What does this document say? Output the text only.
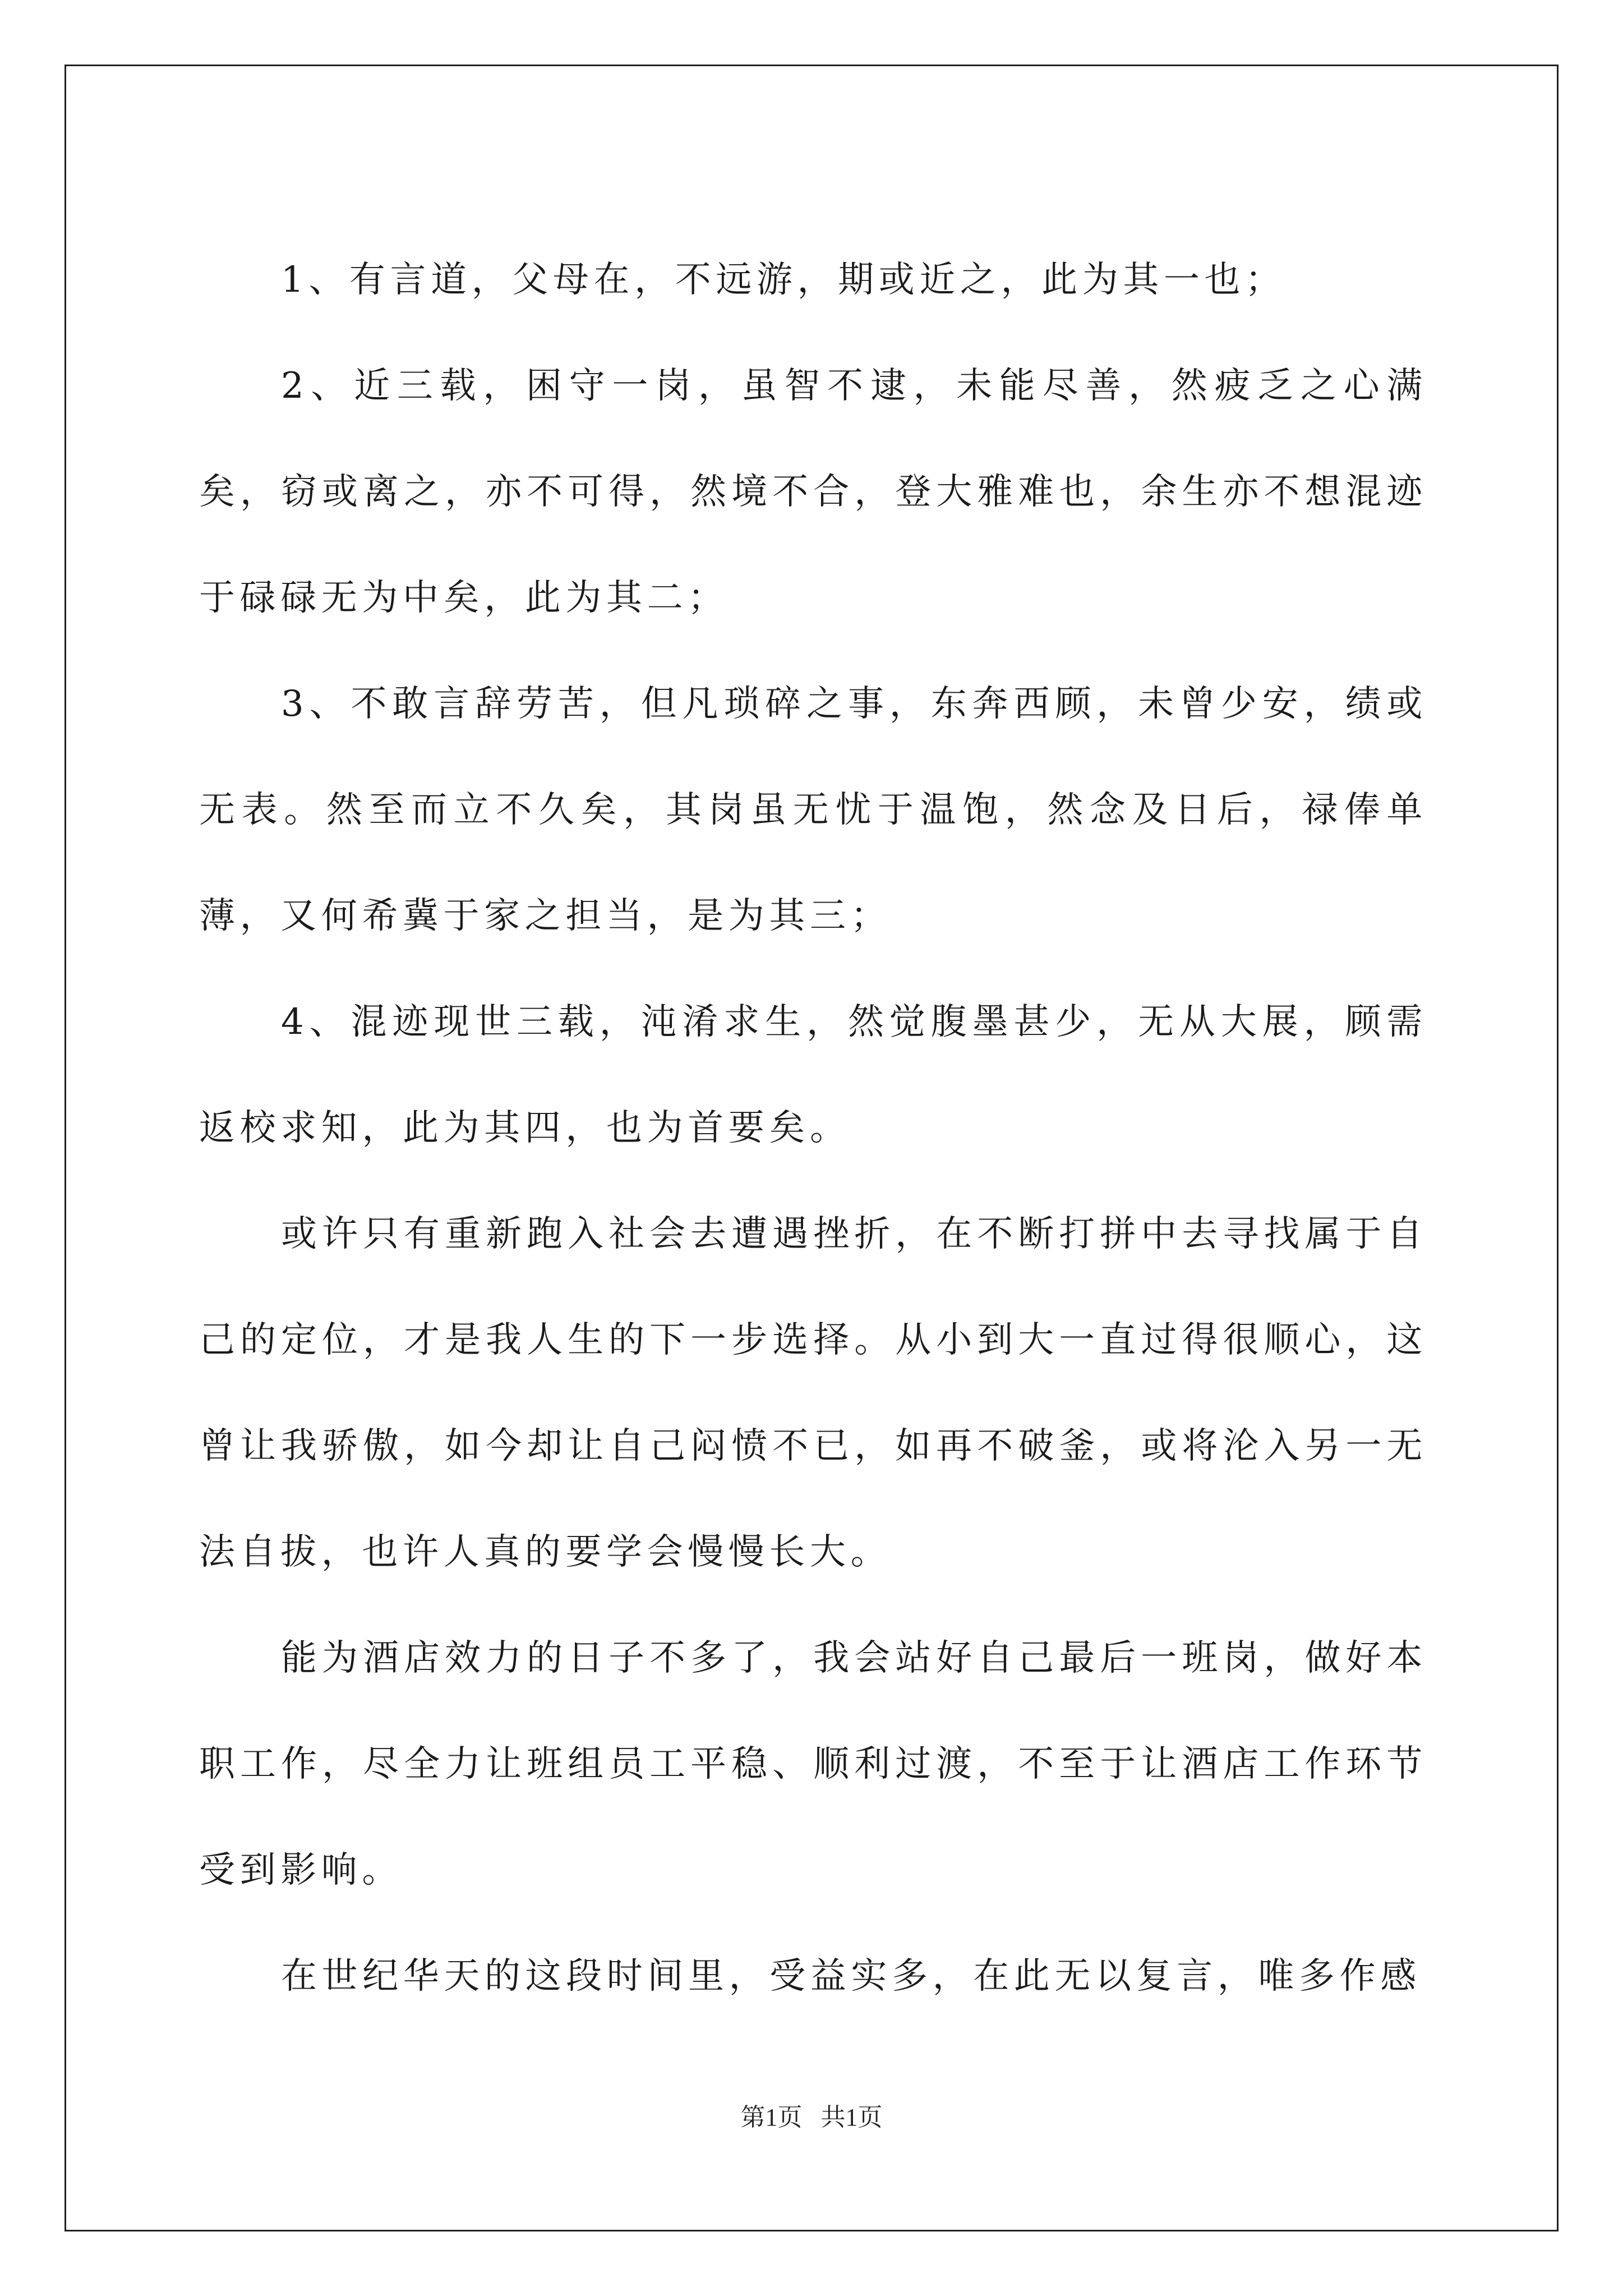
1、有言道，父母在，不远游，期或近之，此为其一也；

2、近三载，困守一岗，虽智不逮，未能尽善，然疲乏之心满矣，窃或离之，亦不可得，然境不合，登大雅难也，余生亦不想混迹于碌碌无为中矣，此为其二；

3、不敢言辞劳苦，但凡琐碎之事，东奔西顾，未曾少安，绩或无表。然至而立不久矣，其岗虽无忧于温饱，然念及日后，禄俸单薄，又何希冀于家之担当，是为其三；

4、混迹现世三载，沌淆求生，然觉腹墨甚少，无从大展，顾需返校求知，此为其四，也为首要矣。

或许只有重新跑入社会去遭遇挫折，在不断打拼中去寻找属于自己的定位，才是我人生的下一步选择。从小到大一直过得很顺心，这曾让我骄傲，如今却让自己闷愤不已，如再不破釜，或将沦入另一无法自拔，也许人真的要学会慢慢长大。

能为酒店效力的日子不多了，我会站好自己最后一班岗，做好本职工作，尽全力让班组员工平稳、顺利过渡，不至于让酒店工作环节受到影响。

在世纪华天的这段时间里，受益实多，在此无以复言，唯多作感

第1页   共1页
